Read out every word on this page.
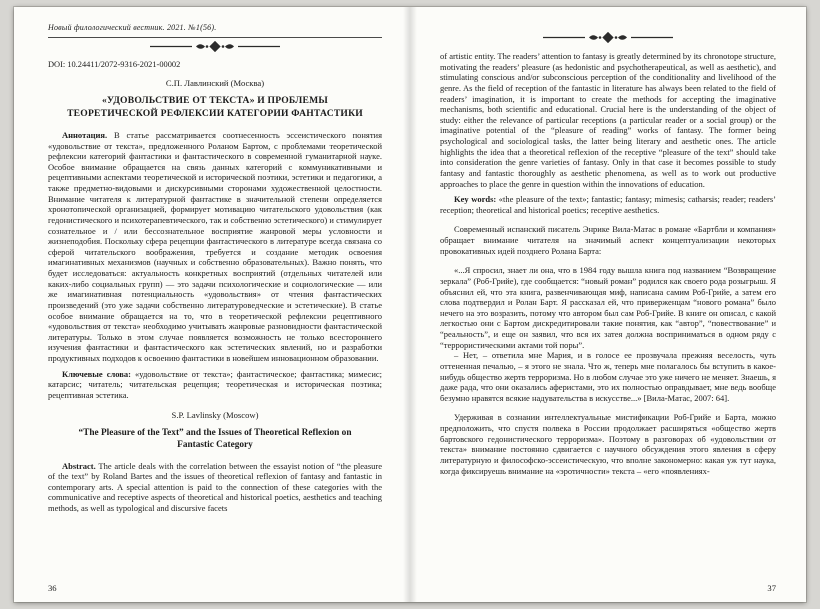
Новый филологический вестник. 2021. №1(56).

DOI: 10.24411/2072-9316-2021-00002

С.П. Лавлинский (Москва)

«УДОВОЛЬСТВИЕ ОТ ТЕКСТА» И ПРОБЛЕМЫ ТЕОРЕТИЧЕСКОЙ РЕФЛЕКСИИ КАТЕГОРИИ ФАНТАСТИКИ

Аннотация. В статье рассматривается соотнесенность эссеистического понятия «удовольствие от текста», предложенного Роланом Бартом, с проблемами теоретической рефлексии категорий фантастики и фантастического в современной гуманитарной науке. Особое внимание обращается на связь данных категорий с коммуникативными и рецептивными аспектами теоретической и исторической поэтики, эстетики и педагогики, а также предметно-видовыми и дискурсивными сторонами художественной целостности. Внимание читателя к литературной фантастике в значительной степени определяется хронотопической организацией, формирует мотивацию читательского удовольствия (как гедонистического и психотерапевтического, так и собственно эстетического) и стимулирует сознательное и / или бессознательное восприятие жанровой меры условности и жизнеподобия. Поскольку сфера рецепции фантастического в литературе всегда связана со сферой читательского воображения, требуется и создание методик освоения имагинативных механизмов (научных и собственно образовательных). Важно понять, что будет исследоваться: актуальность конкретных восприятий (отдельных читателей или каких-либо социальных групп) — это задачи психологические и социологические — или же имагинативная потенциальность «удовольствия» от чтения фантастических произведений (это уже задачи собственно литературоведческие и эстетические). В статье особое внимание обращается на то, что в теоретической рефлексии рецептивного «удовольствия от текста» необходимо учитывать жанровые разновидности фантастической литературы. Только в этом случае появляется возможность не только всестороннего изучения фантастики и фантастического как эстетических явлений, но и разработки продуктивных подходов к освоению фантастики в новейшем инновационном образовании.

Ключевые слова: «удовольствие от текста»; фантастическое; фантастика; мимесис; катарсис; читатель; читательская рецепция; теоретическая и историческая поэтика; рецептивная эстетика.

S.P. Lavlinsky (Moscow)

“The Pleasure of the Text” and the Issues of Theoretical Reflexion on Fantastic Category

Abstract. The article deals with the correlation between the essayist notion of “the pleasure of the text” by Roland Bartes and the issues of theoretical reflexion of fantasy and fantastic in contemporary arts. A special attention is paid to the connection of these categories with the communicative and receptive aspects of theoretical and historical poetics, aesthetics and teaching methods, as well as typological and discursive facets

36

of artistic entity. The readers’ attention to fantasy is greatly determined by its chronotope structure, motivating the readers’ pleasure (as hedonistic and psychotherapeutical, as well as aesthetic), and stimulating conscious and/or subconscious perception of the conditionality and livelihood of the genre. As the field of reception of the fantastic in literature has always been related to the field of readers’ imagination, it is important to create the methods for accepting the imaginative mechanisms, both scientific and educational. Crucial here is the understanding of the object of study: either the relevance of particular receptions (a particular reader or a social group) or the imaginative potential of the “pleasure of reading” works of fantasy. The former being psychological and sociological tasks, the latter being literary and aesthetic ones. The article highlights the idea that a theoretical reflexion of the receptive “pleasure of the text” should take into consideration the genre varieties of fantasy. Only in that case it becomes possible to study fantasy and fantastic thoroughly as aesthetic phenomena, as well as to work out productive approaches to place the genre in question within the innovations of education.

Key words: «the pleasure of the text»; fantastic; fantasy; mimesis; catharsis; reader; readers’ reception; theoretical and historical poetics; receptive aesthetics.

Современный испанский писатель Энрике Вила-Матас в романе «Бартбли и компания» обращает внимание читателя на значимый аспект концептуализации некоторых провокативных идей позднего Ролана Барта:

«...Я спросил, знает ли она, что в 1984 году вышла книга под названием “Возвращение зеркала” (Роб-Грийе), где сообщается: “новый роман” родился как своего рода розыгрыш. Я объяснил ей, что эта книга, развенчивающая миф, написана самим Роб-Грийе, а затем его слова подтвердил и Ролан Барт. Я рассказал ей, что приверженцам “нового романа” было нечего на это возразить, потому что автором был сам Роб-Грийе. В книге он описал, с какой легкостью они с Бартом дискредитировали такие понятия, как “автор”, “повествование” и “реальность”, и еще он заявил, что вся их затея должна восприниматься в одном ряду с “террористическими актами той поры”.

– Нет, – ответила мне Мария, и в голосе ее прозвучала прежняя веселость, чуть оттененная печалью, – я этого не знала. Что ж, теперь мне полагалось бы вступить в какое-нибудь общество жертв терроризма. Но в любом случае это уже ничего не меняет. Знаешь, я даже рада, что они оказались аферистами, это их полностью оправдывает, мне ведь вообще безумно нравятся всякие надувательства в искусстве...» [Вила-Матас, 2007: 64].

Удерживая в сознании интеллектуальные мистификации Роб-Грийе и Барта, можно предположить, что спустя полвека в России продолжает расширяться «общество жертв бартовского гедонистического терроризма». Поэтому в разговорах об «удовольствии от текста» внимание постоянно сдвигается с научного обсуждения этого явления в сферу литературную и философско-эссеистическую, что вполне закономерно: какая уж тут наука, когда фиксируешь внимание на «эротичности» текста – «его «появлениях-

37
